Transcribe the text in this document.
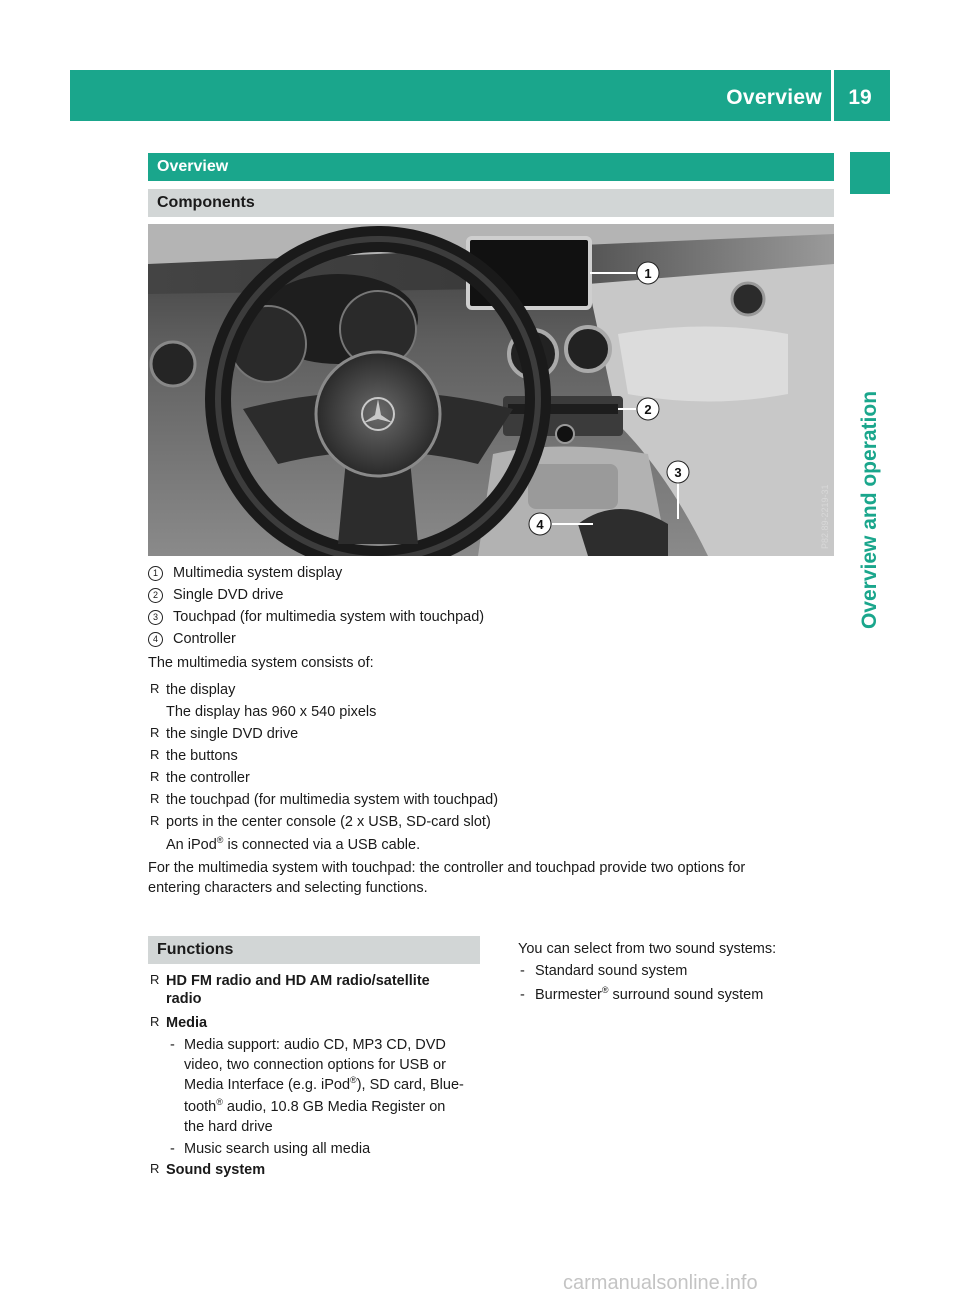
Overview	19
Overview and operation
Overview
Components
1
2
3
4	P82.89-2219-31
1 Multimedia system display
2 Single DVD drive
3 Touchpad (for multimedia system with touchpad)
4 Controller
The multimedia system consists of:
R the display
The display has 960 x 540 pixels
R the single DVD drive
R the buttons
R the controller
R the touchpad (for multimedia system with touchpad)
R ports in the center console (2 x USB, SD-card slot)
An iPod® is connected via a USB cable.
For the multimedia system with touchpad: the controller and touchpad provide two options for
entering characters and selecting functions.
Functions
R HD FM radio and HD AM radio/satellite
radio
R Media
- Media support: audio CD, MP3 CD, DVD
video, two connection options for USB or
Media Interface (e.g. iPod®), SD card, Blue-
tooth® audio, 10.8 GB Media Register on
the hard drive
- Music search using all media
R Sound system
You can select from two sound systems:
- Standard sound system
- Burmester® surround sound system
carmanualsonline.info
